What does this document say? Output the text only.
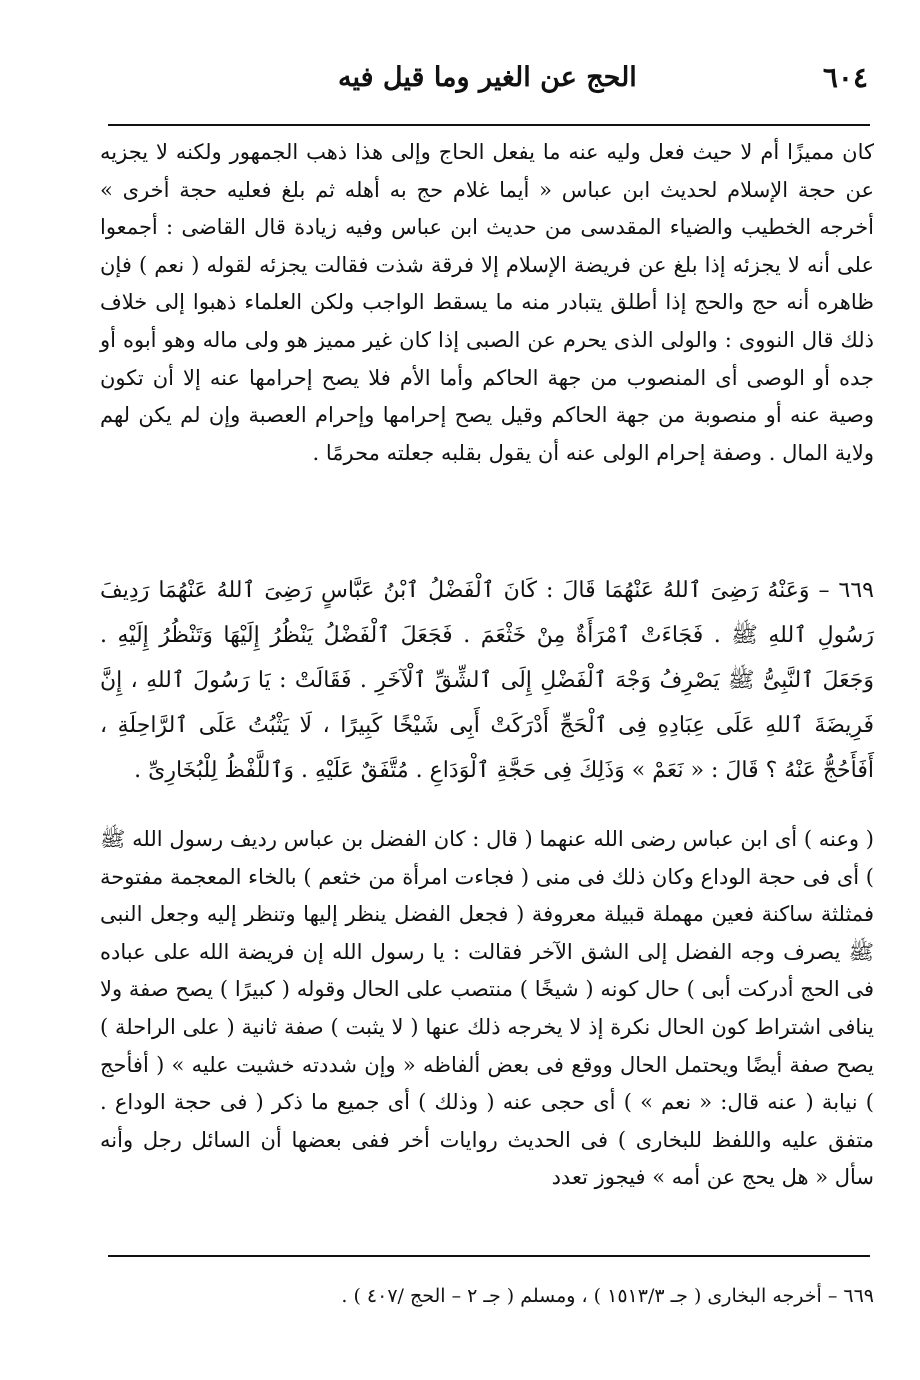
٦٠٤
الحج عن الغير وما قيل فيه

كان مميزًا أم لا حيث فعل وليه عنه ما يفعل الحاج وإلى هذا ذهب الجمهور ولكنه لا يجزيه عن حجة الإسلام لحديث ابن عباس « أيما غلام حج به أهله ثم بلغ فعليه حجة أخرى » أخرجه الخطيب والضياء المقدسى من حديث ابن عباس وفيه زيادة قال القاضى : أجمعوا على أنه لا يجزئه إذا بلغ عن فريضة الإسلام إلا فرقة شذت فقالت يجزئه لقوله ( نعم ) فإن ظاهره أنه حج والحج إذا أطلق يتبادر منه ما يسقط الواجب ولكن العلماء ذهبوا إلى خلاف ذلك قال النووى : والولى الذى يحرم عن الصبى إذا كان غير مميز هو ولى ماله وهو أبوه أو جده أو الوصى أى المنصوب من جهة الحاكم وأما الأم فلا يصح إحرامها عنه إلا أن تكون وصية عنه أو منصوبة من جهة الحاكم وقيل يصح إحرامها وإحرام العصبة وإن لم يكن لهم ولاية المال . وصفة إحرام الولى عنه أن يقول بقلبه جعلته محرمًا .

٦٦٩ – وَعَنْهُ رَضِىَ ٱللهُ عَنْهُمَا قَالَ : كَانَ ٱلْفَضْلُ ٱبْنُ عَبَّاسٍ رَضِىَ ٱللهُ عَنْهُمَا رَدِيفَ رَسُولِ ٱللهِ ﷺ . فَجَاءَتْ ٱمْرَأَةٌ مِنْ خَثْعَمَ . فَجَعَلَ ٱلْفَضْلُ يَنْظُرُ إِلَيْهَا وَتَنْظُرُ إِلَيْهِ . وَجَعَلَ ٱلنَّبِىُّ ﷺ يَصْرِفُ وَجْهَ ٱلْفَضْلِ إِلَى ٱلشِّقِّ ٱلْآخَرِ . فَقَالَتْ : يَا رَسُولَ ٱللهِ ، إِنَّ فَرِيضَةَ ٱللهِ عَلَى عِبَادِهِ فِى ٱلْحَجِّ أَدْرَكَتْ أَبِى شَيْخًا كَبِيرًا ، لَا يَثْبُتُ عَلَى ٱلرَّاحِلَةِ ، أَفَأَحُجُّ عَنْهُ ؟ قَالَ : « نَعَمْ » وَذَلِكَ فِى حَجَّةِ ٱلْوَدَاعِ . مُتَّفَقٌ عَلَيْهِ . وَٱللَّفْظُ لِلْبُخَارِىِّ .

( وعنه ) أى ابن عباس رضى الله عنهما ( قال : كان الفضل بن عباس رديف رسول الله ﷺ ) أى فى حجة الوداع وكان ذلك فى منى ( فجاءت امرأة من خثعم ) بالخاء المعجمة مفتوحة فمثلثة ساكنة فعين مهملة قبيلة معروفة ( فجعل الفضل ينظر إليها وتنظر إليه وجعل النبى ﷺ يصرف وجه الفضل إلى الشق الآخر فقالت : يا رسول الله إن فريضة الله على عباده فى الحج أدركت أبى ) حال كونه ( شيخًا ) منتصب على الحال وقوله ( كبيرًا ) يصح صفة ولا ينافى اشتراط كون الحال نكرة إذ لا يخرجه ذلك عنها ( لا يثبت ) صفة ثانية ( على الراحلة ) يصح صفة أيضًا ويحتمل الحال ووقع فى بعض ألفاظه « وإن شددته خشيت عليه » ( أفأحج ) نيابة ( عنه قال: « نعم » ) أى حجى عنه ( وذلك ) أى جميع ما ذكر ( فى حجة الوداع . متفق عليه واللفظ للبخارى ) فى الحديث روايات أخر ففى بعضها أن السائل رجل وأنه سأل « هل يحج عن أمه » فيجوز تعدد

٦٦٩ – أخرجه البخارى ( جـ ١٥١٣/٣ ) ، ومسلم ( جـ ٢ – الحج /٤٠٧ ) .
